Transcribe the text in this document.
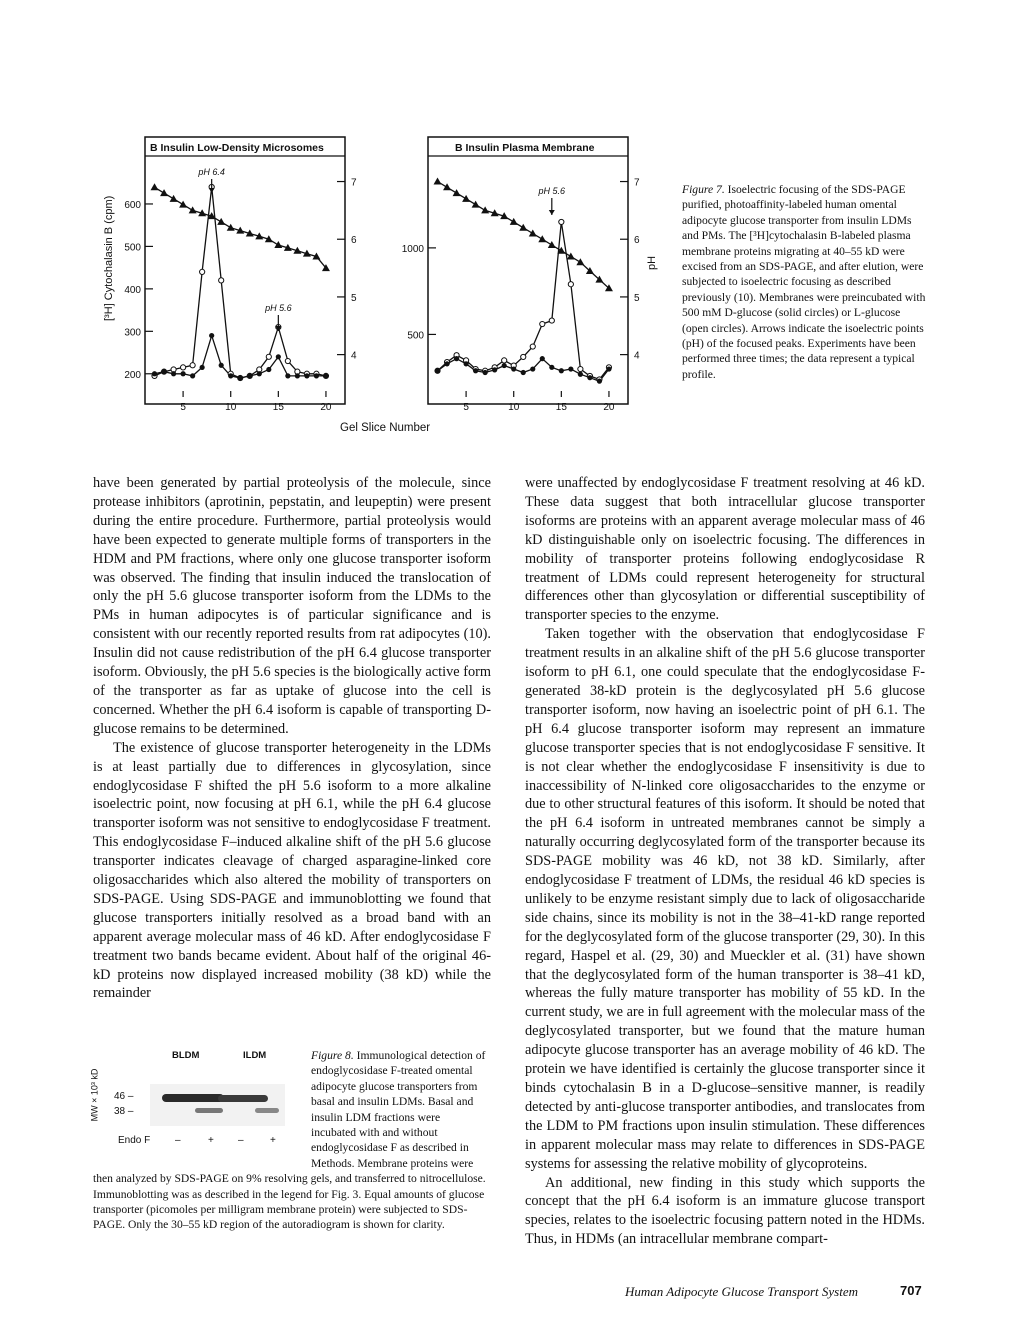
B Insulin Low-Density Microsomes
[³H] Cytochalasin B (cpm)
200
300
400
500
600
4
5
6
7
5	10	15	20
pH 6.4
pH 5.6
B Insulin Plasma Membrane
pH
500
1000
4
5
6
7
5	10	15	20
pH 5.6
Gel Slice Number
Figure 7. Isoelectric focusing of the SDS-PAGE purified, photoaffinity-labeled human omental adipocyte glucose transporter from insulin LDMs and PMs. The [³H]cytochalasin B-labeled plasma membrane proteins migrating at 40–55 kD were excised from an SDS-PAGE, and after elution, were subjected to isoelectric focusing as described previously (10). Membranes were preincubated with 500 mM D-glucose (solid circles) or L-glucose (open circles). Arrows indicate the isoelectric points (pH) of the focused peaks. Experiments have been performed three times; the data represent a typical profile.

have been generated by partial proteolysis of the molecule, since protease inhibitors (aprotinin, pepstatin, and leupeptin) were present during the entire procedure. Furthermore, partial proteolysis would have been expected to generate multiple forms of transporters in the HDM and PM fractions, where only one glucose transporter isoform was observed. The finding that insulin induced the translocation of only the pH 5.6 glucose transporter isoform from the LDMs to the PMs in human adipocytes is of particular significance and is consistent with our recently reported results from rat adipocytes (10). Insulin did not cause redistribution of the pH 6.4 glucose transporter isoform. Obviously, the pH 5.6 species is the biologically active form of the transporter as far as uptake of glucose into the cell is concerned. Whether the pH 6.4 isoform is capable of transporting D-glucose remains to be determined.

The existence of glucose transporter heterogeneity in the LDMs is at least partially due to differences in glycosylation, since endoglycosidase F shifted the pH 5.6 isoform to a more alkaline isoelectric point, now focusing at pH 6.1, while the pH 6.4 glucose transporter isoform was not sensitive to endoglycosidase F treatment. This endoglycosidase F–induced alkaline shift of the pH 5.6 glucose transporter indicates cleavage of charged asparagine-linked core oligosaccharides which also altered the mobility of transporters on SDS-PAGE. Using SDS-PAGE and immunoblotting we found that glucose transporters initially resolved as a broad band with an apparent average molecular mass of 46 kD. After endoglycosidase F treatment two bands became evident. About half of the original 46-kD proteins now displayed increased mobility (38 kD) while the remainder

were unaffected by endoglycosidase F treatment resolving at 46 kD. These data suggest that both intracellular glucose transporter isoforms are proteins with an apparent average molecular mass of 46 kD distinguishable only on isoelectric focusing. The differences in mobility of transporter proteins following endoglycosidase R treatment of LDMs could represent heterogeneity for structural differences other than glycosylation or differential susceptibility of transporter species to the enzyme.

Taken together with the observation that endoglycosidase F treatment results in an alkaline shift of the pH 5.6 glucose transporter isoform to pH 6.1, one could speculate that the endoglycosidase F-generated 38-kD protein is the deglycosylated pH 5.6 glucose transporter isoform, now having an isoelectric point of pH 6.1. The pH 6.4 glucose transporter isoform may represent an immature glucose transporter species that is not endoglycosidase F sensitive. It is not clear whether the endoglycosidase F insensitivity is due to inaccessibility of N-linked core oligosaccharides to the enzyme or due to other structural features of this isoform. It should be noted that the pH 6.4 isoform in untreated membranes cannot be simply a naturally occurring deglycosylated form of the transporter because its SDS-PAGE mobility was 46 kD, not 38 kD. Similarly, after endoglycosidase F treatment of LDMs, the residual 46 kD species is unlikely to be enzyme resistant simply due to lack of oligosaccharide side chains, since its mobility is not in the 38–41-kD range reported for the deglycosylated form of the glucose transporter (29, 30). In this regard, Haspel et al. (29, 30) and Mueckler et al. (31) have shown that the deglycosylated form of the human transporter is 38–41 kD, whereas the fully mature transporter has mobility of 55 kD. In the current study, we are in full agreement with the molecular mass of the deglycosylated transporter, but we found that the mature human adipocyte glucose transporter has an average mobility of 46 kD. The protein we have identified is certainly the glucose transporter since it binds cytochalasin B in a D-glucose–sensitive manner, is readily detected by anti-glucose transporter antibodies, and translocates from the LDM to PM fractions upon insulin stimulation. These differences in apparent molecular mass may relate to differences in SDS-PAGE systems for assessing the relative mobility of glycoproteins.

An additional, new finding in this study which supports the concept that the pH 6.4 isoform is an immature glucose transport species, relates to the isoelectric focusing pattern noted in the HDMs. Thus, in HDMs (an intracellular membrane compart-

BLDM	ILDM
MW × 10³ kD 46 –
38 –
Endo F –	+ –	+
Figure 8. Immunological detection of endoglycosidase F-treated omental adipocyte glucose transporters from basal and insulin LDMs. Basal and insulin LDM fractions were incubated with and without endoglycosidase F as described in Methods. Membrane proteins were then analyzed by SDS-PAGE on 9% resolving gels, and transferred to nitrocellulose. Immunoblotting was as described in the legend for Fig. 3. Equal amounts of glucose transporter (picomoles per milligram membrane protein) were subjected to SDS-PAGE. Only the 30–55 kD region of the autoradiogram is shown for clarity.
Human Adipocyte Glucose Transport System	707
